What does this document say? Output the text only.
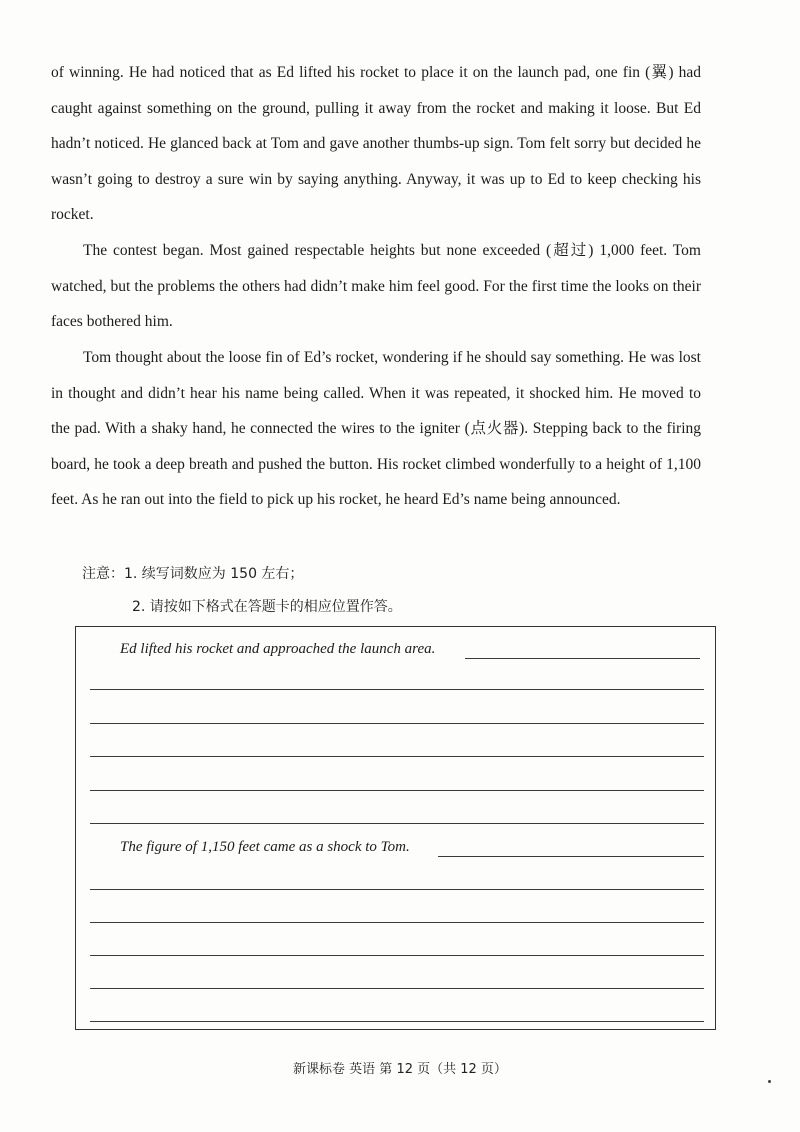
of winning. He had noticed that as Ed lifted his rocket to place it on the launch pad, one fin (翼) had caught against something on the ground, pulling it away from the rocket and making it loose. But Ed hadn’t noticed. He glanced back at Tom and gave another thumbs-up sign. Tom felt sorry but decided he wasn’t going to destroy a sure win by saying anything. Anyway, it was up to Ed to keep checking his rocket.

The contest began. Most gained respectable heights but none exceeded (超过) 1,000 feet. Tom watched, but the problems the others had didn’t make him feel good. For the first time the looks on their faces bothered him.

Tom thought about the loose fin of Ed’s rocket, wondering if he should say something. He was lost in thought and didn’t hear his name being called. When it was repeated, it shocked him. He moved to the pad. With a shaky hand, he connected the wires to the igniter (点火器). Stepping back to the firing board, he took a deep breath and pushed the button. His rocket climbed wonderfully to a height of 1,100 feet. As he ran out into the field to pick up his rocket, he heard Ed’s name being announced.

注意：1. 续写词数应为 150 左右；
2. 请按如下格式在答题卡的相应位置作答。
Ed lifted his rocket and approached the launch area.
The figure of 1,150 feet came as a shock to Tom.
新课标卷 英语 第 12 页（共 12 页）
